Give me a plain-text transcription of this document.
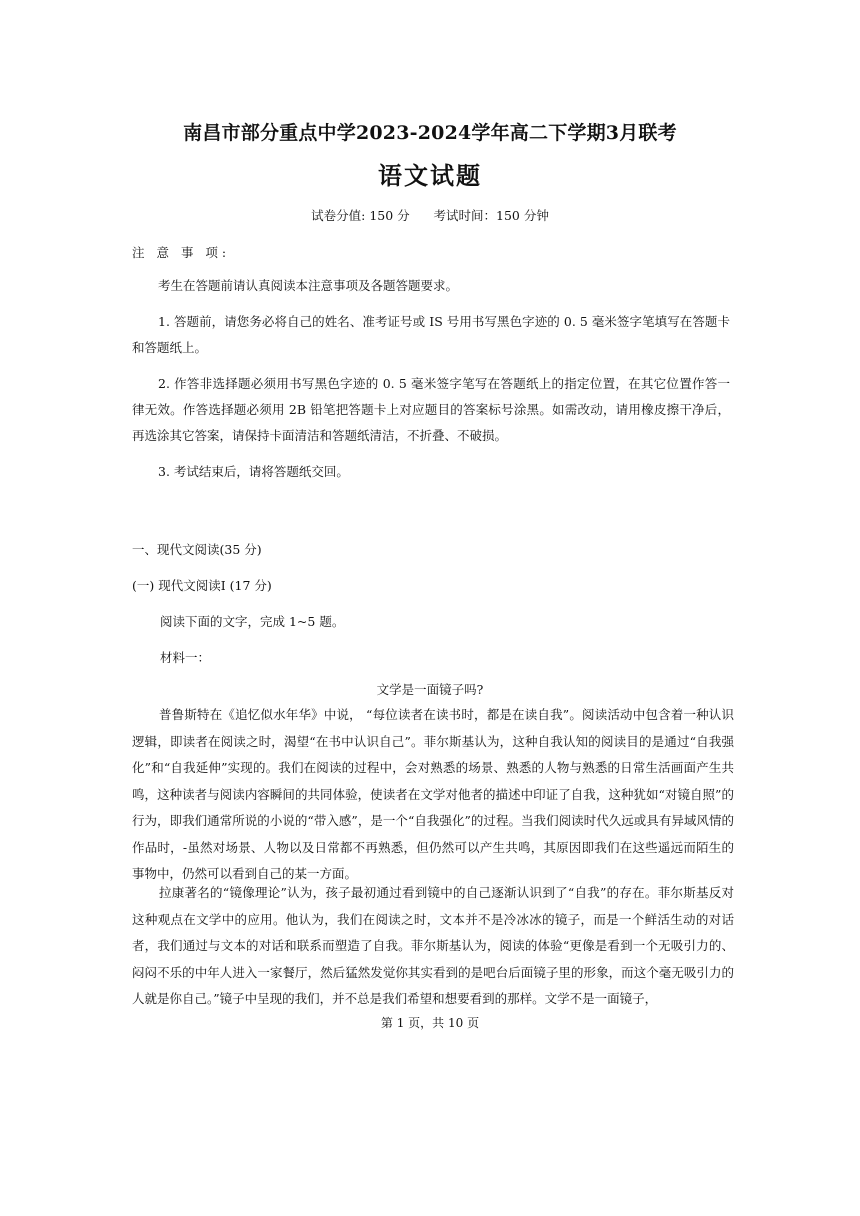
南昌市部分重点中学2023-2024学年高二下学期3月联考
语文试题
试卷分值: 150 分      考试时间：150 分钟
注 意 事 项:
考生在答题前请认真阅读本注意事项及各题答题要求。
1. 答题前，请您务必将自己的姓名、准考证号或 IS 号用书写黑色字迹的 0. 5 毫米签字笔填写在答题卡和答题纸上。
2. 作答非选择题必须用书写黑色字迹的 0. 5 毫米签字笔写在答题纸上的指定位置，在其它位置作答一律无效。作答选择题必须用 2B 铅笔把答题卡上对应题目的答案标号涂黑。如需改动，请用橡皮擦干净后，再选涂其它答案，请保持卡面清洁和答题纸清洁，不折叠、不破损。
3. 考试结束后，请将答题纸交回。
一、现代文阅读(35 分)
(一) 现代文阅读Ⅰ (17 分)
阅读下面的文字，完成 1~5 题。
材料一：
文学是一面镜子吗?
普鲁斯特在《追忆似水年华》中说， “每位读者在读书时，都是在读自我”。阅读活动中包含着一种认识逻辑，即读者在阅读之时，渴望“在书中认识自己”。菲尔斯基认为，这种自我认知的阅读目的是通过“自我强化”和“自我延伸”实现的。我们在阅读的过程中，会对熟悉的场景、熟悉的人物与熟悉的日常生活画面产生共鸣，这种读者与阅读内容瞬间的共同体验，使读者在文学对他者的描述中印证了自我，这种犹如“对镜自照”的行为，即我们通常所说的小说的“带入感”，是一个“自我强化”的过程。当我们阅读时代久远或具有异域风情的作品时，-虽然对场景、人物以及日常都不再熟悉，但仍然可以产生共鸣，其原因即我们在这些遥远而陌生的事物中，仍然可以看到自己的某一方面。
拉康著名的“镜像理论”认为，孩子最初通过看到镜中的自己逐渐认识到了“自我”的存在。菲尔斯基反对这种观点在文学中的应用。他认为，我们在阅读之时，文本并不是冷冰冰的镜子，而是一个鲜活生动的对话者，我们通过与文本的对话和联系而塑造了自我。菲尔斯基认为，阅读的体验“更像是看到一个无吸引力的、闷闷不乐的中年人进入一家餐厅，然后猛然发觉你其实看到的是吧台后面镜子里的形象，而这个毫无吸引力的人就是你自己。”镜子中呈现的我们，并不总是我们希望和想要看到的那样。文学不是一面镜子，
第 1 页，共 10 页
